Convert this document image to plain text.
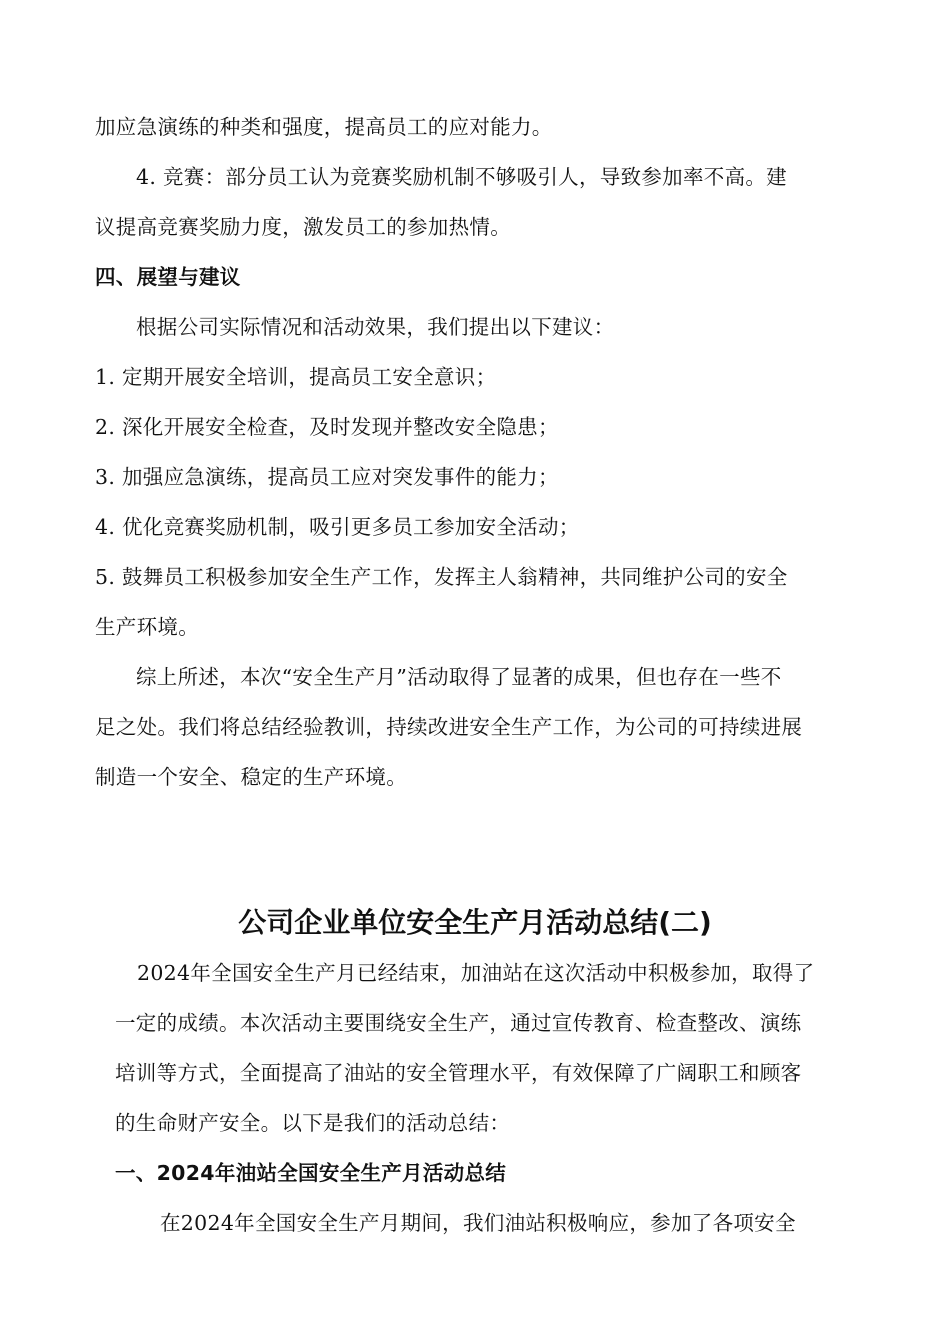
加应急演练的种类和强度，提高员工的应对能力。
4. 竞赛：部分员工认为竞赛奖励机制不够吸引人，导致参加率不高。建
议提高竞赛奖励力度，激发员工的参加热情。
四、展望与建议
根据公司实际情况和活动效果，我们提出以下建议：
1. 定期开展安全培训，提高员工安全意识；
2. 深化开展安全检查，及时发现并整改安全隐患；
3. 加强应急演练，提高员工应对突发事件的能力；
4. 优化竞赛奖励机制，吸引更多员工参加安全活动；
5. 鼓舞员工积极参加安全生产工作，发挥主人翁精神，共同维护公司的安全
生产环境。
综上所述，本次“安全生产月”活动取得了显著的成果，但也存在一些不
足之处。我们将总结经验教训，持续改进安全生产工作，为公司的可持续进展
制造一个安全、稳定的生产环境。
公司企业单位安全生产月活动总结(二)
2024年全国安全生产月已经结束，加油站在这次活动中积极参加，取得了
一定的成绩。本次活动主要围绕安全生产，通过宣传教育、检查整改、演练
培训等方式，全面提高了油站的安全管理水平，有效保障了广阔职工和顾客
的生命财产安全。以下是我们的活动总结：
一、2024年油站全国安全生产月活动总结
在2024年全国安全生产月期间，我们油站积极响应，参加了各项安全
